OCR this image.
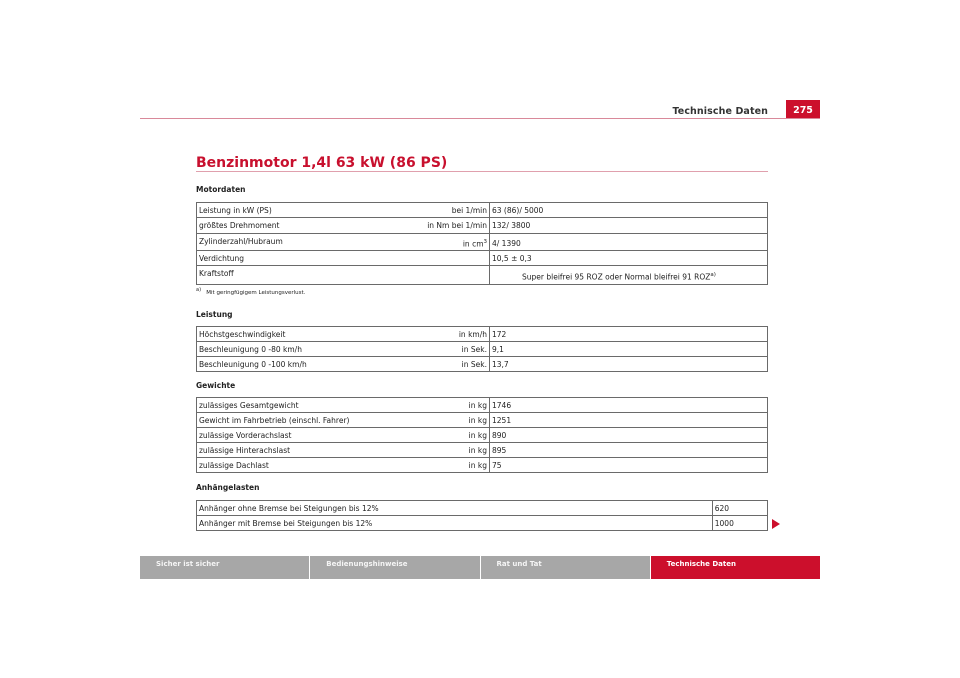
Technische Daten	275
Benzinmotor 1,4l 63 kW (86 PS)
Motordaten
Leistung in kW (PS)	bei 1/min	63 (86)/ 5000
größtes Drehmoment	in Nm bei 1/min	132/ 3800
Zylinderzahl/Hubraum	in $cm^3$	4/ 1390
Verdichtung		10,5 ± 0,3
Kraftstoff		Super bleifrei 95 ROZ oder Normal bleifrei 91 ROZ$^{a)}$
$^{a)}$ Mit geringfügigem Leistungsverlust.
Leistung
Höchstgeschwindigkeit	in km/h	172
Beschleunigung 0 -80 km/h	in Sek.	9,1
Beschleunigung 0 -100 km/h	in Sek.	13,7
Gewichte
zulässiges Gesamtgewicht	in kg	1746
Gewicht im Fahrbetrieb (einschl. Fahrer)	in kg	1251
zulässige Vorderachslast	in kg	890
zulässige Hinterachslast	in kg	895
zulässige Dachlast	in kg	75
Anhängelasten
Anhänger ohne Bremse bei Steigungen bis 12%	620
Anhänger mit Bremse bei Steigungen bis 12%	1000
Sicher ist sicher	Bedienungshinweise	Rat und Tat	Technische Daten
